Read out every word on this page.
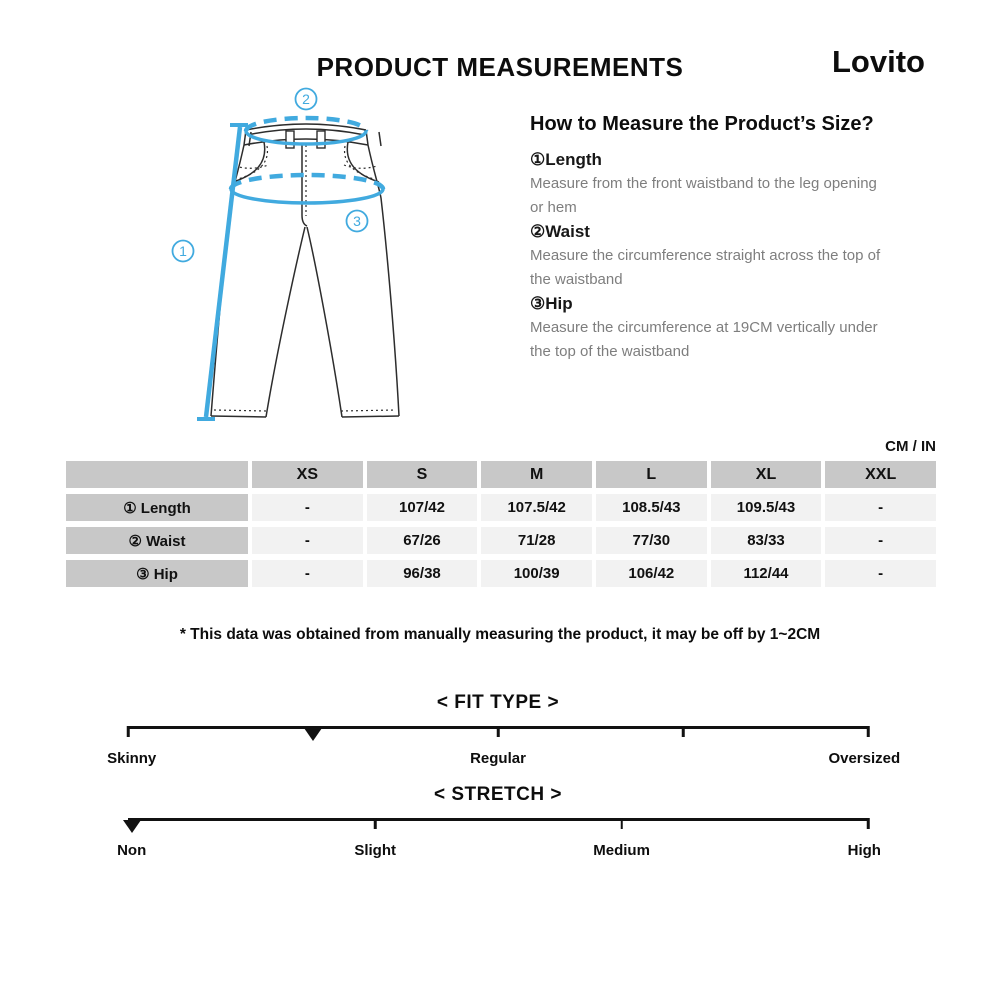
PRODUCT MEASUREMENTS	Lovito
1
2
3
How to Measure the Product’s Size?
①Length
Measure from the front waistband to the leg opening or hem
②Waist
Measure the circumference straight across the top of the waistband
③Hip
Measure the circumference at 19CM vertically under the top of the waistband
CM / IN
XS	S	M	L	XL	XXL
① Length	-	107/42	107.5/42	108.5/43	109.5/43	-
② Waist	-	67/26	71/28	77/30	83/33	-
③ Hip	-	96/38	100/39	106/42	112/44	-
* This data was obtained from manually measuring the product, it may be off by 1~2CM
< FIT TYPE >
Skinny	Regular	Oversized
< STRETCH >
Non	Slight	Medium	High
